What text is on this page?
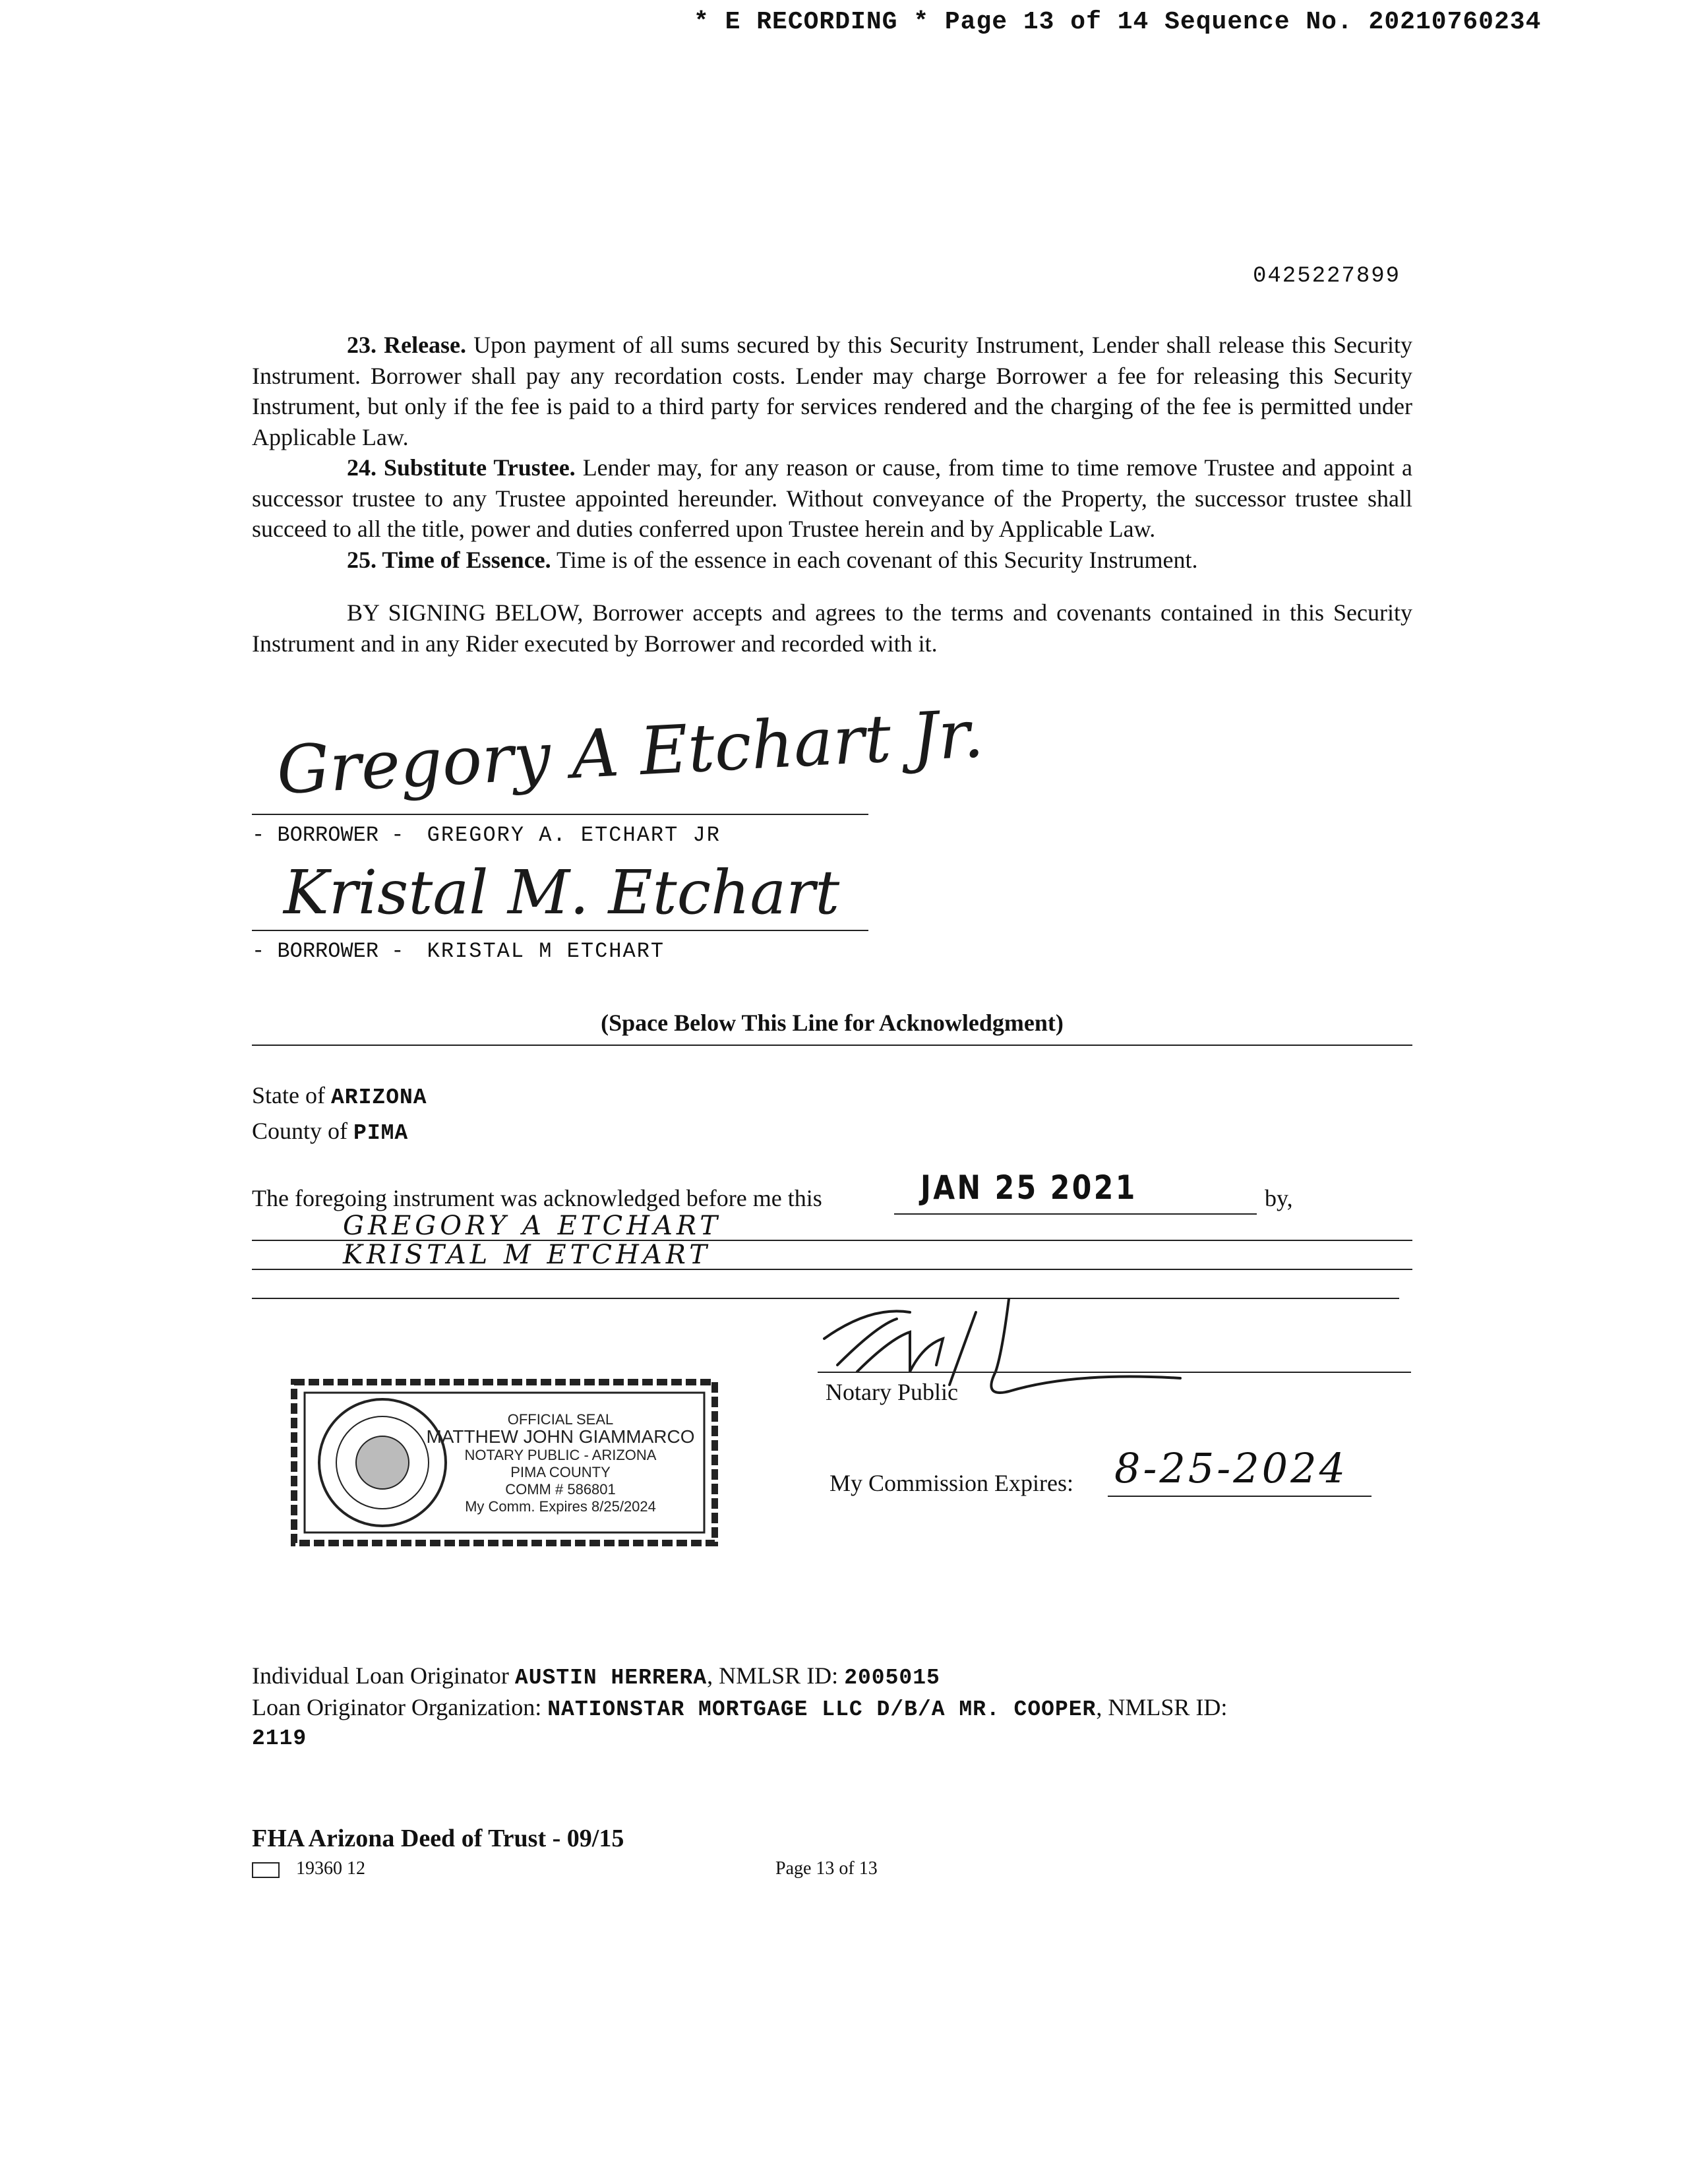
* E RECORDING * Page 13 of 14 Sequence No. 20210760234
0425227899

23. Release. Upon payment of all sums secured by this Security Instrument, Lender shall release this Security Instrument. Borrower shall pay any recordation costs. Lender may charge Borrower a fee for releasing this Security Instrument, but only if the fee is paid to a third party for services rendered and the charging of the fee is permitted under Applicable Law.

24. Substitute Trustee. Lender may, for any reason or cause, from time to time remove Trustee and appoint a successor trustee to any Trustee appointed hereunder. Without conveyance of the Property, the successor trustee shall succeed to all the title, power and duties conferred upon Trustee herein and by Applicable Law.

25. Time of Essence. Time is of the essence in each covenant of this Security Instrument.

BY SIGNING BELOW, Borrower accepts and agrees to the terms and covenants contained in this Security Instrument and in any Rider executed by Borrower and recorded with it.

Gregory A Etchart Jr.
- BORROWER - GREGORY A. ETCHART JR
Kristal M. Etchart
- BORROWER - KRISTAL M ETCHART
(Space Below This Line for Acknowledgment)
State of ARIZONA
County of PIMA
The foregoing instrument was acknowledged before me this	JAN 25 2021	by,
GREGORY A ETCHART
KRISTAL M ETCHART
Notary Public
My Commission Expires: 8-25-2024
OFFICIAL SEAL
MATTHEW JOHN GIAMMARCO
NOTARY PUBLIC - ARIZONA
PIMA COUNTY
COMM # 586801
My Comm. Expires 8/25/2024
Individual Loan Originator AUSTIN HERRERA, NMLSR ID: 2005015
Loan Originator Organization: NATIONSTAR MORTGAGE LLC D/B/A MR. COOPER, NMLSR ID:
2119
FHA Arizona Deed of Trust - 09/15
19360 12	Page 13 of 13
